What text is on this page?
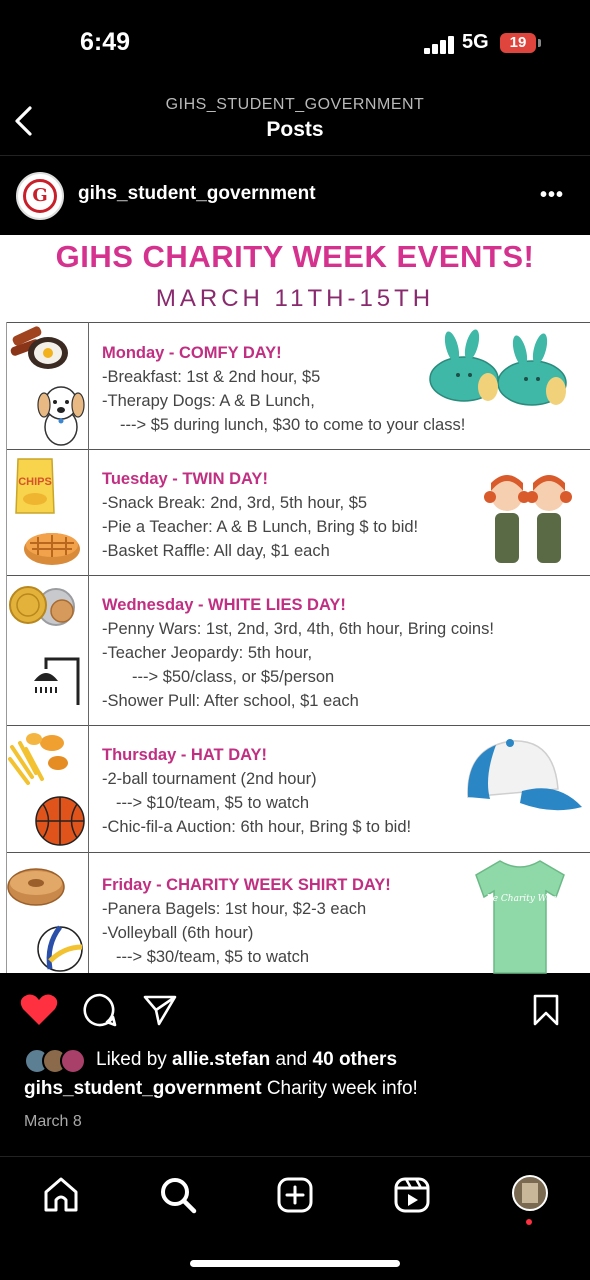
6:49	5G	19
GIHS_STUDENT_GOVERNMENT
Posts
G	gihs_student_government	•••
GIHS CHARITY WEEK EVENTS!
MARCH 11TH-15TH
Monday - COMFY DAY!
-Breakfast: 1st & 2nd hour, $5
-Therapy Dogs: A & B Lunch,
---> $5 during lunch, $30 to come to your class!
CHIPS	Tuesday - TWIN DAY!
-Snack Break: 2nd, 3rd, 5th hour, $5
-Pie a Teacher: A & B Lunch, Bring $ to bid!
-Basket Raffle: All day, $1 each
Wednesday - WHITE LIES DAY!
-Penny Wars: 1st, 2nd, 3rd, 4th, 6th hour, Bring coins!
-Teacher Jeopardy: 5th hour,
---> $50/class, or $5/person
-Shower Pull: After school, $1 each
Thursday - HAT DAY!
-2-ball tournament (2nd hour)
---> $10/team, $5 to watch
-Chic-fil-a Auction: 6th hour, Bring $ to bid!
Grosse Ile Charity Week 2024
Friday - CHARITY WEEK SHIRT DAY!
-Panera Bagels: 1st hour, $2-3 each
-Volleyball (6th hour)
---> $30/team, $5 to watch
Liked by allie.stefan and 40 others
gihs_student_government Charity week info!
March 8
